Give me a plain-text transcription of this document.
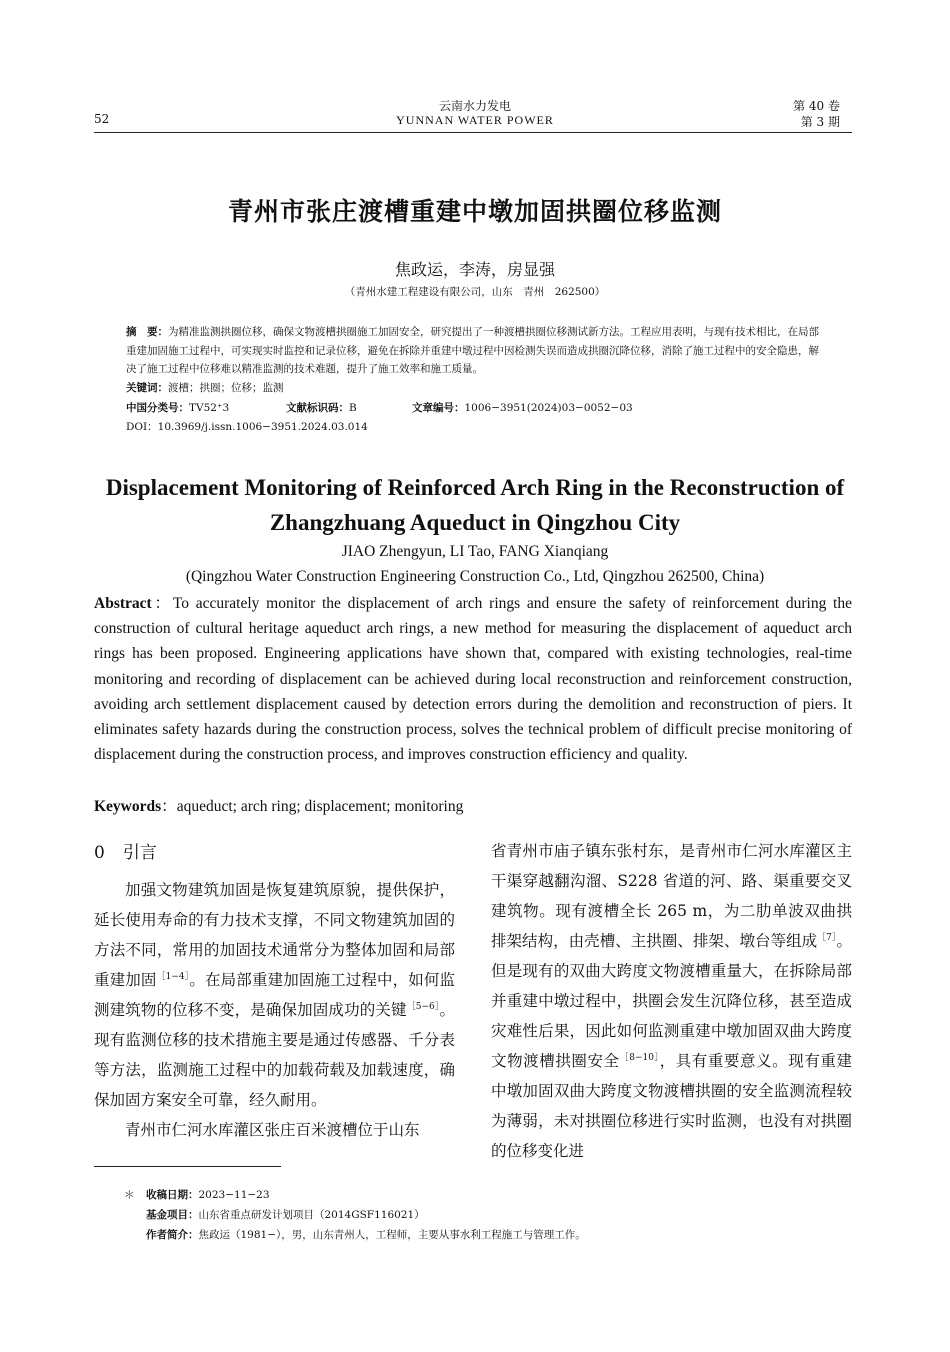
52
云南水力发电
YUNNAN WATER POWER
第 40 卷
第 3 期
青州市张庄渡槽重建中墩加固拱圈位移监测
焦政运，李涛，房显强
（青州水建工程建设有限公司，山东　青州　262500）

摘　要：为精准监测拱圈位移，确保文物渡槽拱圈施工加固安全，研究提出了一种渡槽拱圈位移测试新方法。工程应用表明，与现有技术相比，在局部重建加固施工过程中，可实现实时监控和记录位移，避免在拆除并重建中墩过程中因检测失误而造成拱圈沉降位移，消除了施工过程中的安全隐患，解决了施工过程中位移难以精准监测的技术难题，提升了施工效率和施工质量。

关键词：渡槽；拱圈；位移；监测

中国分类号：TV52⁺3	文献标识码：B	文章编号：1006−3951(2024)03−0052−03
DOI：10.3969/j.issn.1006−3951.2024.03.014
Displacement Monitoring of Reinforced Arch Ring in the Reconstruction of
Zhangzhuang Aqueduct in Qingzhou City
JIAO Zhengyun, LI Tao, FANG Xianqiang
(Qingzhou Water Construction Engineering Construction Co., Ltd, Qingzhou 262500, China)

Abstract：To accurately monitor the displacement of arch rings and ensure the safety of reinforcement during the construction of cultural heritage aqueduct arch rings, a new method for measuring the displacement of aqueduct arch rings has been proposed. Engineering applications have shown that, compared with existing technologies, real-time monitoring and recording of displacement can be achieved during local reconstruction and reinforcement construction, avoiding arch settlement displacement caused by detection errors during the demolition and reconstruction of piers. It eliminates safety hazards during the construction process, solves the technical problem of difficult precise monitoring of displacement during the construction process, and improves construction efficiency and quality.

Keywords：aqueduct; arch ring; displacement; monitoring
0 引言

加强文物建筑加固是恢复建筑原貌，提供保护，延长使用寿命的有力技术支撑，不同文物建筑加固的方法不同，常用的加固技术通常分为整体加固和局部重建加固$^{[1-4]}$。在局部重建加固施工过程中，如何监测建筑物的位移不变，是确保加固成功的关键$^{[5-6]}$。现有监测位移的技术措施主要是通过传感器、千分表等方法，监测施工过程中的加载荷载及加载速度，确保加固方案安全可靠，经久耐用。

青州市仁河水库灌区张庄百米渡槽位于山东

省青州市庙子镇东张村东，是青州市仁河水库灌区主干渠穿越翻沟溜、S228 省道的河、路、渠重要交叉建筑物。现有渡槽全长 265 m，为二肋单波双曲拱排架结构，由壳槽、主拱圈、排架、墩台等组成$^{[7]}$。但是现有的双曲大跨度文物渡槽重量大，在拆除局部并重建中墩过程中，拱圈会发生沉降位移，甚至造成灾难性后果，因此如何监测重建中墩加固双曲大跨度文物渡槽拱圈安全$^{[8-10]}$，具有重要意义。现有重建中墩加固双曲大跨度文物渡槽拱圈的安全监测流程较为薄弱，未对拱圈位移进行实时监测，也没有对拱圈的位移变化进

＊ 收稿日期：2023−11−23
基金项目：山东省重点研发计划项目（2014GSF116021）
作者简介：焦政运（1981−），男，山东青州人，工程师，主要从事水利工程施工与管理工作。
